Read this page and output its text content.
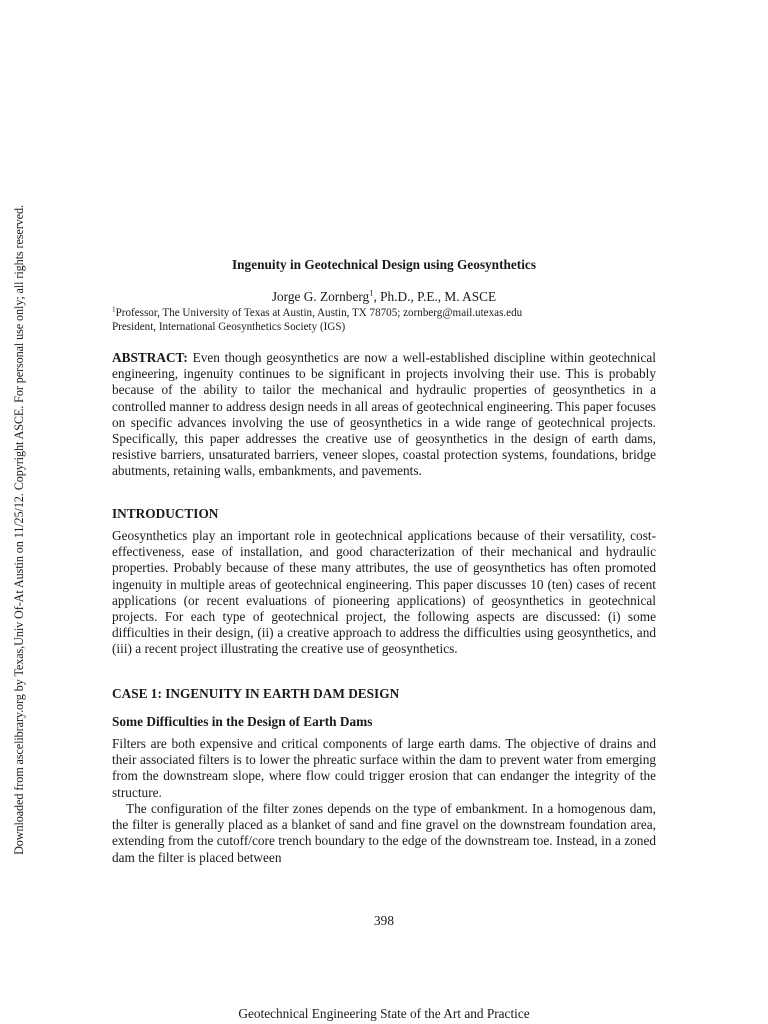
Downloaded from ascelibrary.org by Texas,Univ Of-At Austin on 11/25/12. Copyright ASCE. For personal use only; all rights reserved.	Ingenuity in Geotechnical Design using Geosynthetics
Jorge G. Zornberg$^1$, Ph.D., P.E., M. ASCE
$^1$Professor, The University of Texas at Austin, Austin, TX 78705; zornberg@mail.utexas.edu
President, International Geosynthetics Society (IGS)

ABSTRACT: Even though geosynthetics are now a well-established discipline within geotechnical engineering, ingenuity continues to be significant in projects involving their use. This is probably because of the ability to tailor the mechanical and hydraulic properties of geosynthetics in a controlled manner to address design needs in all areas of geotechnical engineering. This paper focuses on specific advances involving the use of geosynthetics in a wide range of geotechnical projects. Specifically, this paper addresses the creative use of geosynthetics in the design of earth dams, resistive barriers, unsaturated barriers, veneer slopes, coastal protection systems, foundations, bridge abutments, retaining walls, embankments, and pavements.

INTRODUCTION

Geosynthetics play an important role in geotechnical applications because of their versatility, cost-effectiveness, ease of installation, and good characterization of their mechanical and hydraulic properties. Probably because of these many attributes, the use of geosynthetics has often promoted ingenuity in multiple areas of geotechnical engineering. This paper discusses 10 (ten) cases of recent applications (or recent evaluations of pioneering applications) of geosynthetics in geotechnical projects. For each type of geotechnical project, the following aspects are discussed: (i) some difficulties in their design, (ii) a creative approach to address the difficulties using geosynthetics, and (iii) a recent project illustrating the creative use of geosynthetics.

CASE 1: INGENUITY IN EARTH DAM DESIGN
Some Difficulties in the Design of Earth Dams

Filters are both expensive and critical components of large earth dams. The objective of drains and their associated filters is to lower the phreatic surface within the dam to prevent water from emerging from the downstream slope, where flow could trigger erosion that can endanger the integrity of the structure.

The configuration of the filter zones depends on the type of embankment. In a homogenous dam, the filter is generally placed as a blanket of sand and fine gravel on the downstream foundation area, extending from the cutoff/core trench boundary to the edge of the downstream toe. Instead, in a zoned dam the filter is placed between

398
Geotechnical Engineering State of the Art and Practice
